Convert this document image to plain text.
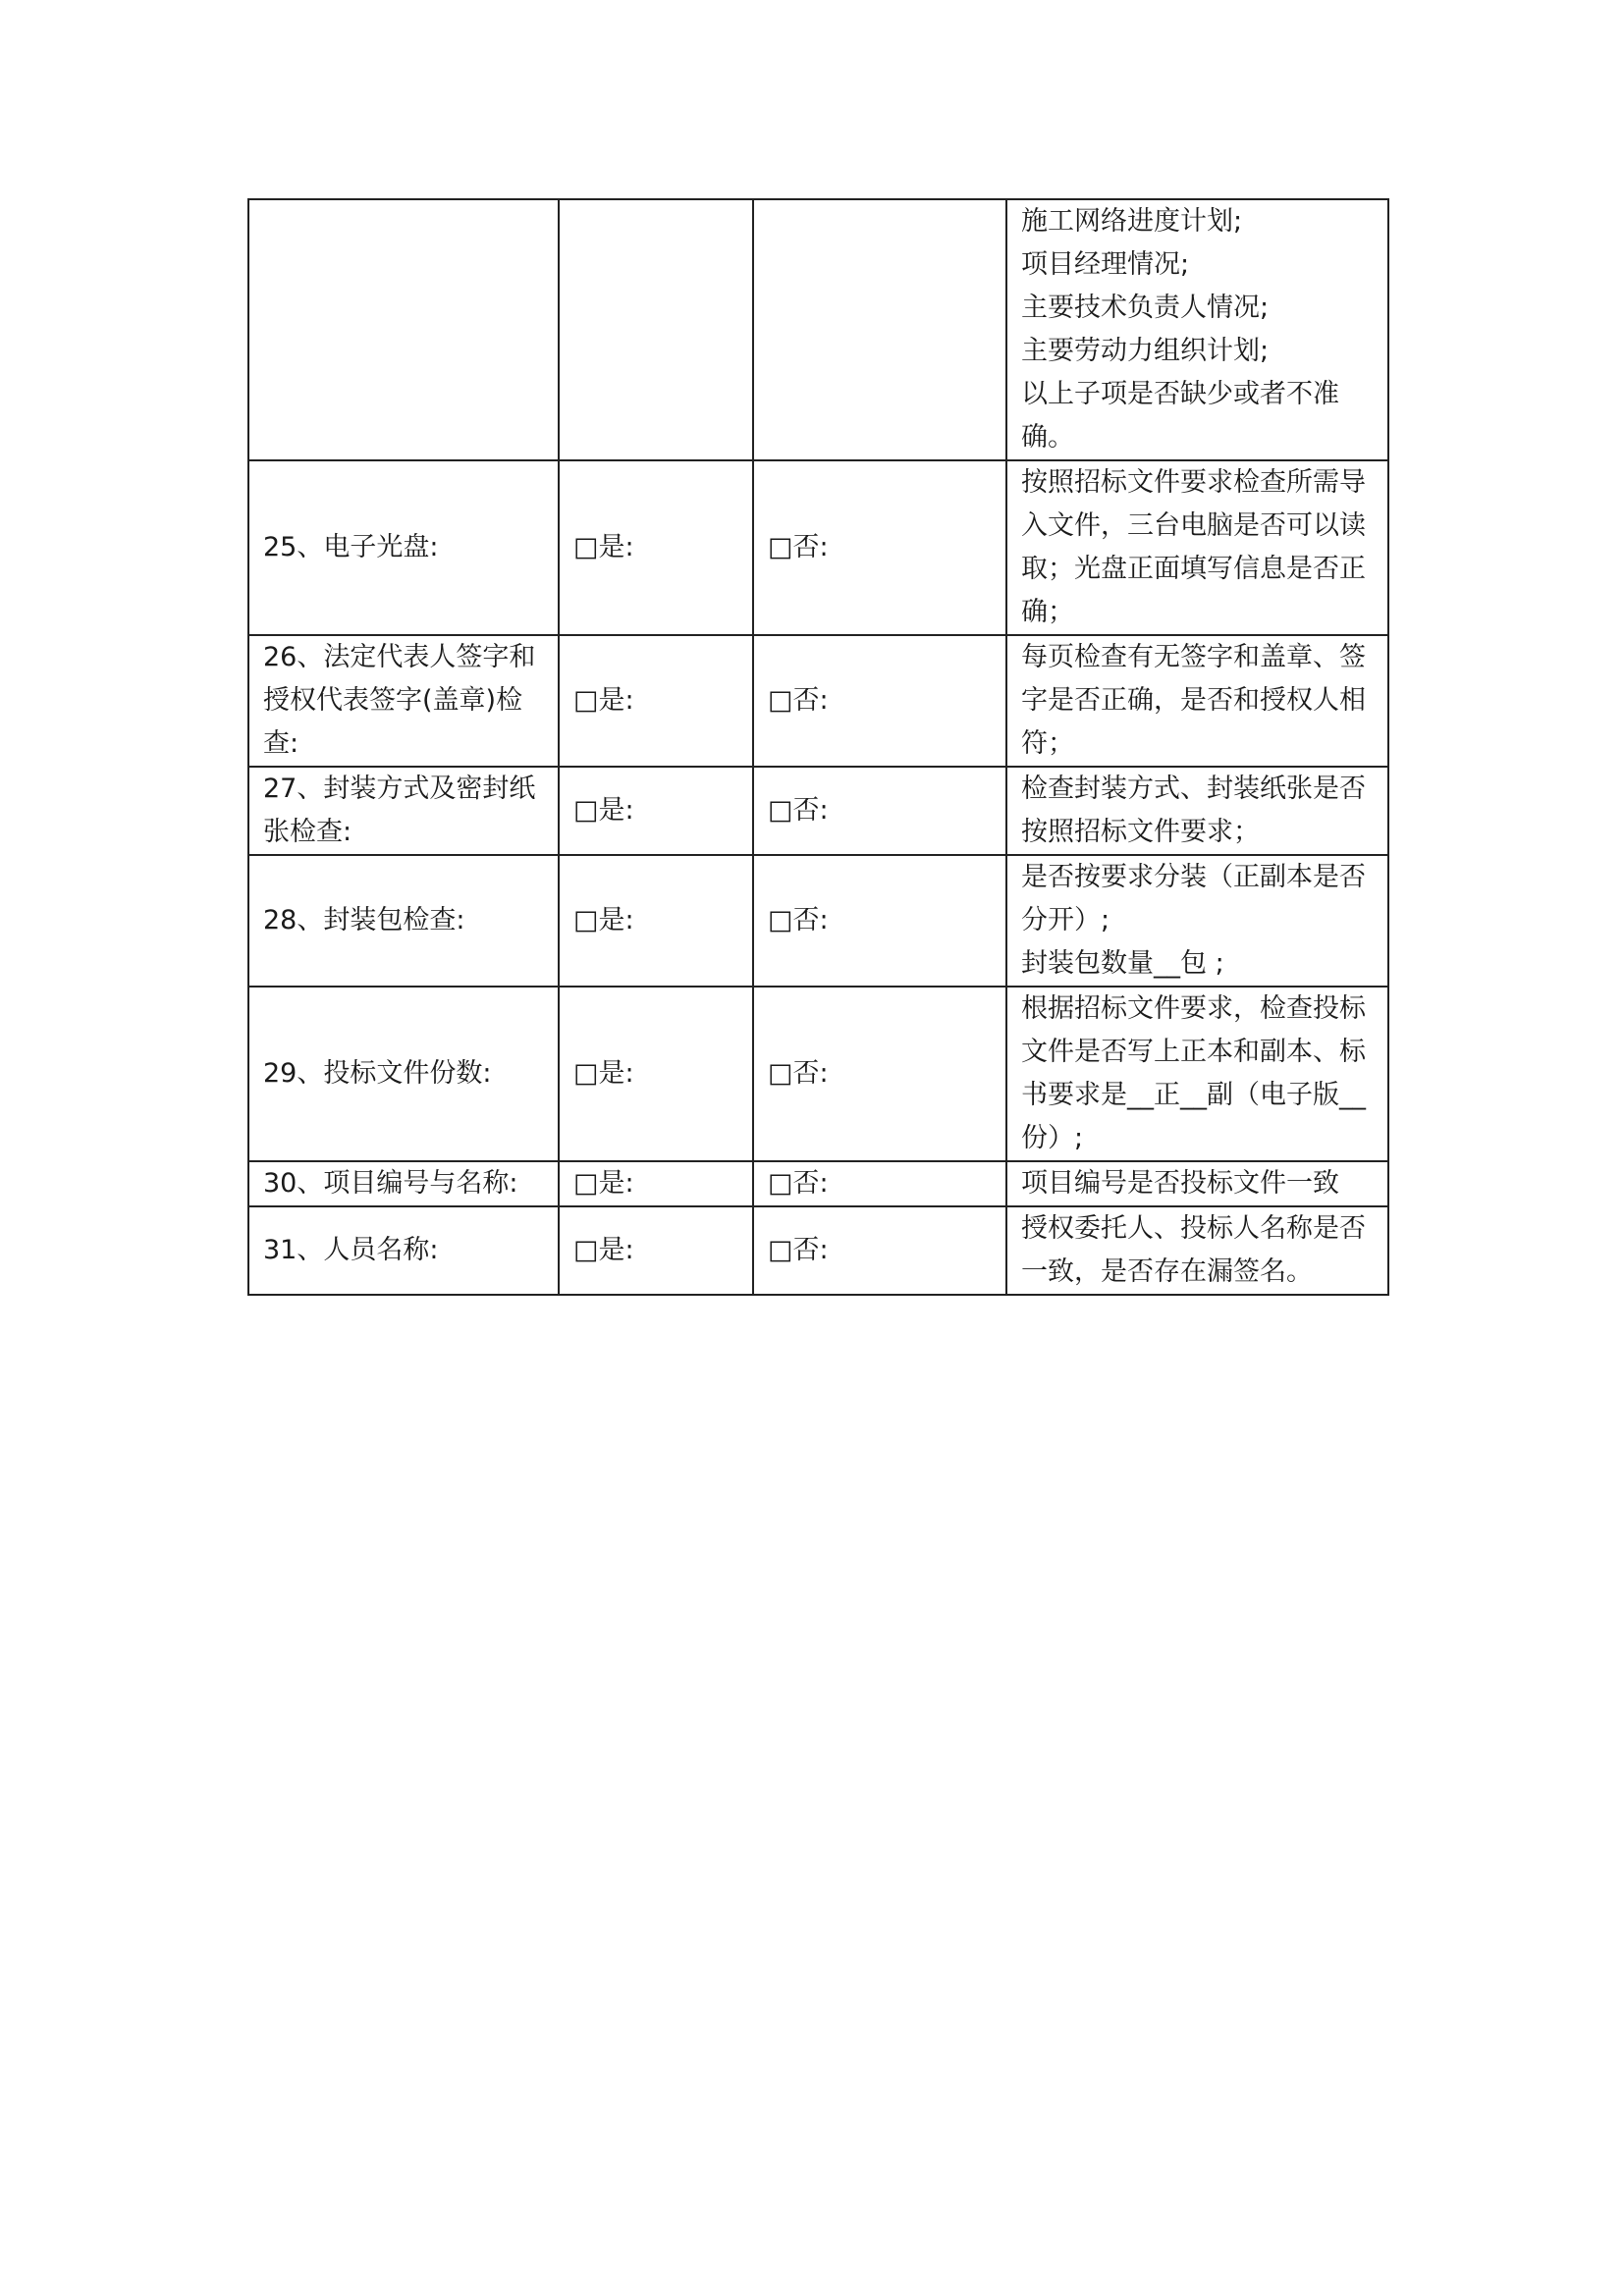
			施工网络进度计划;
项目经理情况;
主要技术负责人情况;
主要劳动力组织计划;
以上子项是否缺少或者不准确。
25、电子光盘:	□是:	□否:	按照招标文件要求检查所需导入文件，三台电脑是否可以读取；光盘正面填写信息是否正确；
26、法定代表人签字和授权代表签字(盖章)检查:	□是:	□否:	每页检查有无签字和盖章、签字是否正确，是否和授权人相符；
27、封装方式及密封纸张检查:	□是:	□否:	检查封装方式、封装纸张是否按照招标文件要求；
28、封装包检查:	□是:	□否:	是否按要求分装（正副本是否分开）;
封装包数量__包 ;
29、投标文件份数:	□是:	□否:	根据招标文件要求，检查投标文件是否写上正本和副本、标书要求是__正__副（电子版__份）;
30、项目编号与名称:	□是:	□否:	项目编号是否投标文件一致
31、人员名称:	□是:	□否:	授权委托人、投标人名称是否一致，是否存在漏签名。
